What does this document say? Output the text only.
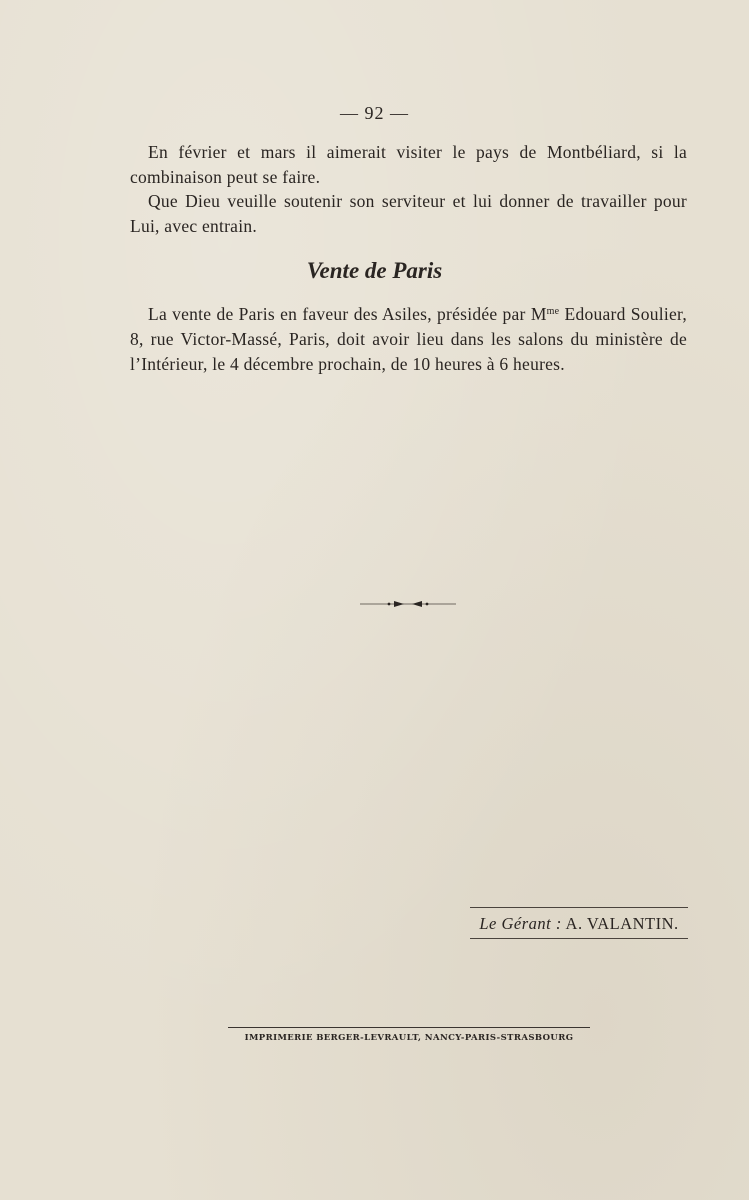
— 92 —

En février et mars il aimerait visiter le pays de Montbéliard, si la combinaison peut se faire.

Que Dieu veuille soutenir son serviteur et lui donner de travailler pour Lui, avec entrain.

Vente de Paris

La vente de Paris en faveur des Asiles, présidée par $M^{me}$ Edouard Soulier, 8, rue Victor-Massé, Paris, doit avoir lieu dans les salons du ministère de l’Intérieur, le 4 décembre prochain, de 10 heures à 6 heures.

Le Gérant : A. VALANTIN.
IMPRIMERIE BERGER-LEVRAULT, NANCY-PARIS-STRASBOURG
